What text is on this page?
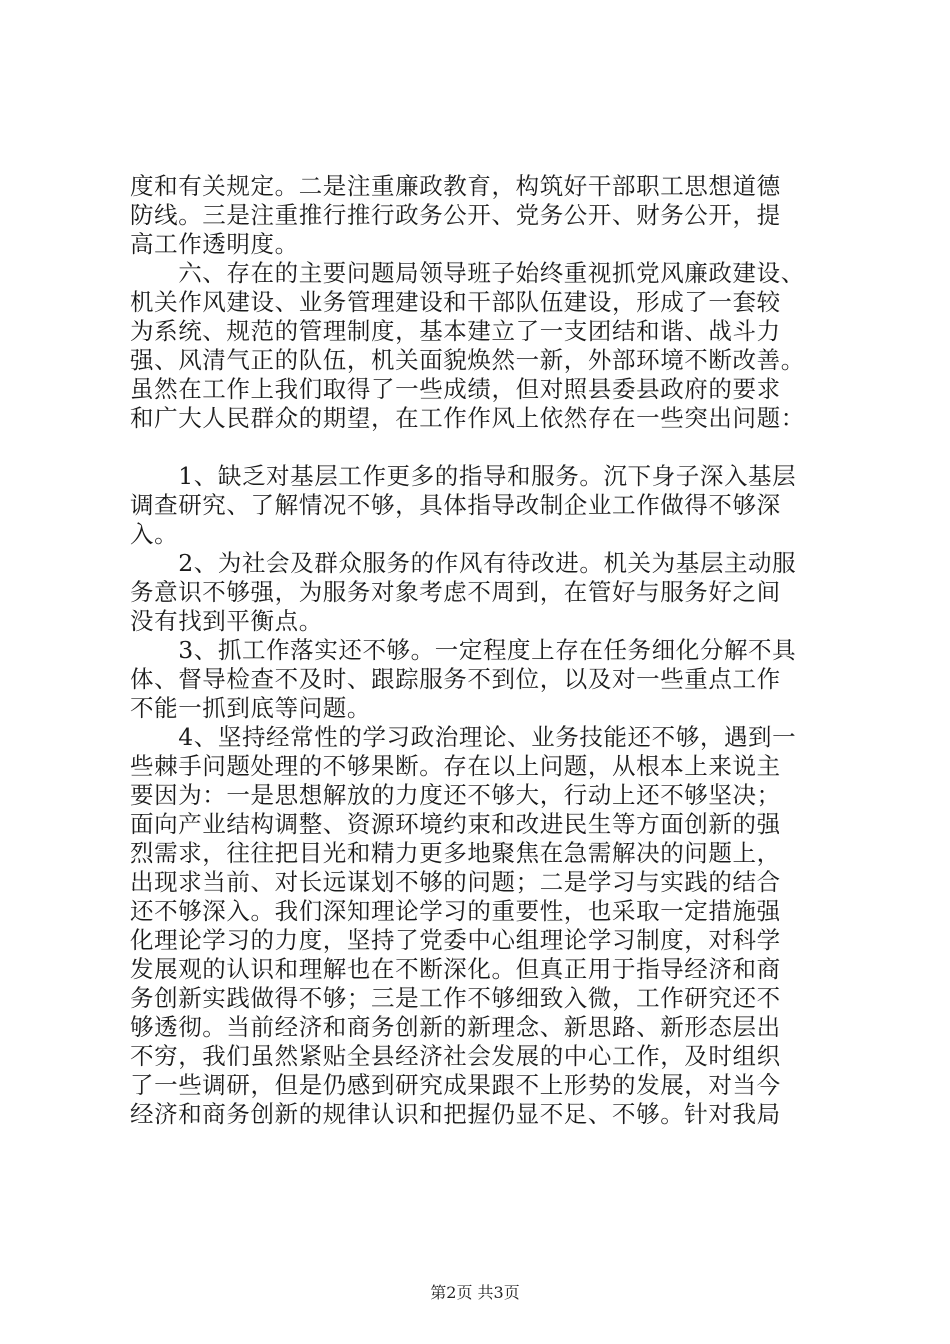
度和有关规定。二是注重廉政教育，构筑好干部职工思想道德
防线。三是注重推行推行政务公开、党务公开、财务公开，提
高工作透明度。
　　六、存在的主要问题局领导班子始终重视抓党风廉政建设、
机关作风建设、业务管理建设和干部队伍建设，形成了一套较
为系统、规范的管理制度，基本建立了一支团结和谐、战斗力
强、风清气正的队伍，机关面貌焕然一新，外部环境不断改善。
虽然在工作上我们取得了一些成绩，但对照县委县政府的要求
和广大人民群众的期望，在工作作风上依然存在一些突出问题：
　　1、缺乏对基层工作更多的指导和服务。沉下身子深入基层
调查研究、了解情况不够，具体指导改制企业工作做得不够深
入。
　　2、为社会及群众服务的作风有待改进。机关为基层主动服
务意识不够强，为服务对象考虑不周到，在管好与服务好之间
没有找到平衡点。
　　3、抓工作落实还不够。一定程度上存在任务细化分解不具
体、督导检查不及时、跟踪服务不到位，以及对一些重点工作
不能一抓到底等问题。
　　4、坚持经常性的学习政治理论、业务技能还不够，遇到一
些棘手问题处理的不够果断。存在以上问题，从根本上来说主
要因为：一是思想解放的力度还不够大，行动上还不够坚决；
面向产业结构调整、资源环境约束和改进民生等方面创新的强
烈需求，往往把目光和精力更多地聚焦在急需解决的问题上，
出现求当前、对长远谋划不够的问题；二是学习与实践的结合
还不够深入。我们深知理论学习的重要性，也采取一定措施强
化理论学习的力度，坚持了党委中心组理论学习制度，对科学
发展观的认识和理解也在不断深化。但真正用于指导经济和商
务创新实践做得不够；三是工作不够细致入微，工作研究还不
够透彻。当前经济和商务创新的新理念、新思路、新形态层出
不穷，我们虽然紧贴全县经济社会发展的中心工作，及时组织
了一些调研，但是仍感到研究成果跟不上形势的发展，对当今
经济和商务创新的规律认识和把握仍显不足、不够。针对我局
第2页 共3页
